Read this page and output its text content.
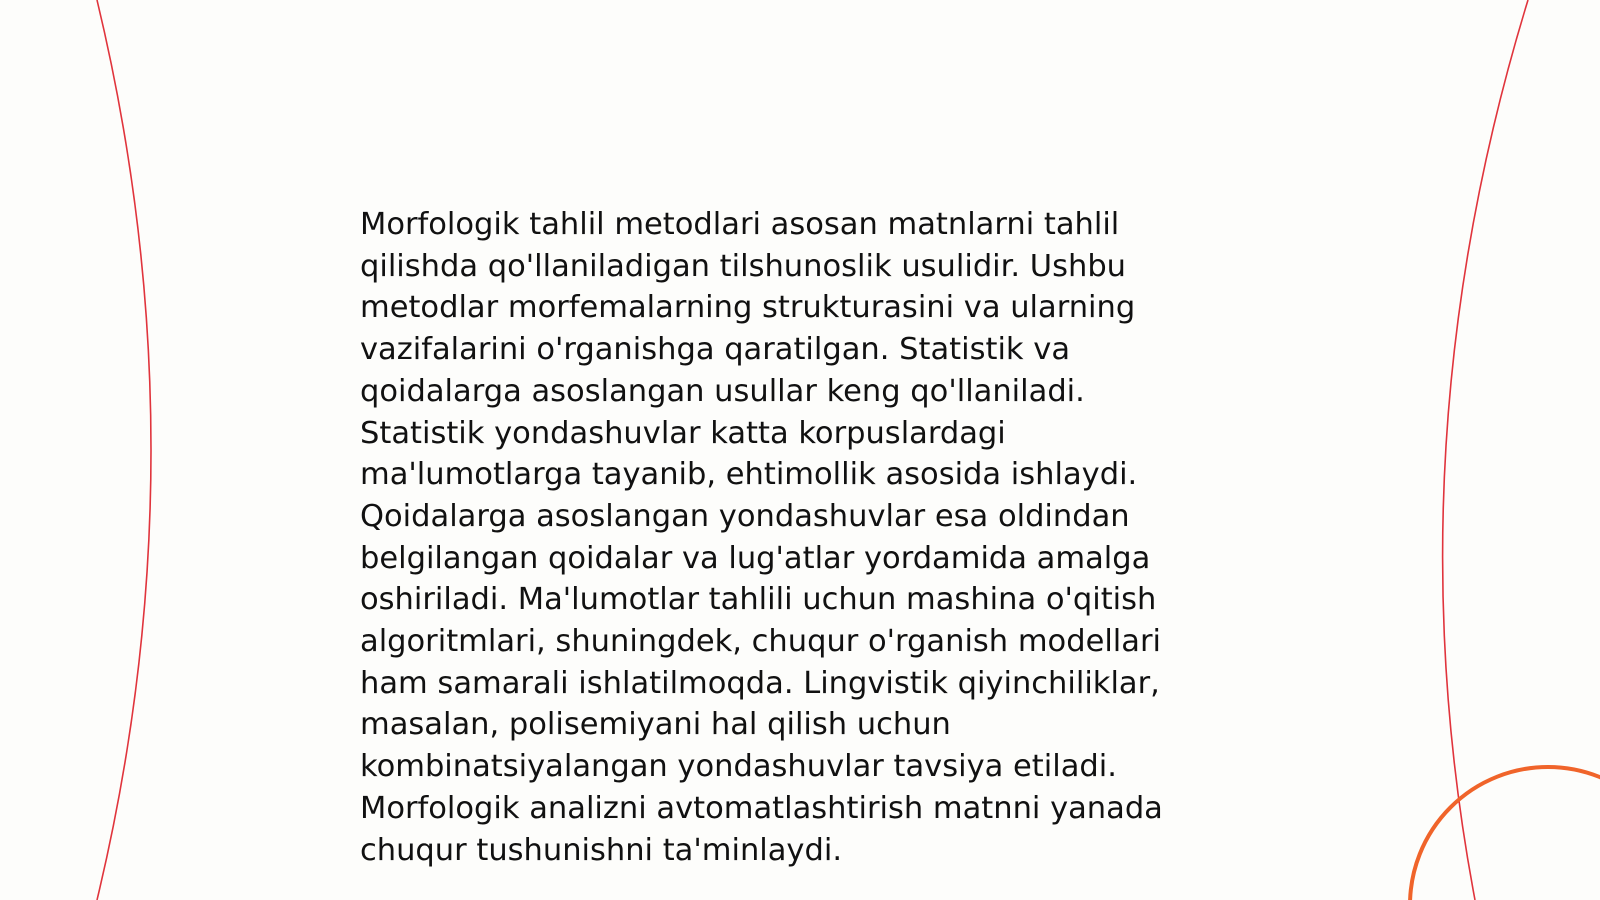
Morfologik tahlil metodlari asosan matnlarni tahlil
qilishda qo'llaniladigan tilshunoslik usulidir. Ushbu
metodlar morfemalarning strukturasini va ularning
vazifalarini o'rganishga qaratilgan. Statistik va
qoidalarga asoslangan usullar keng qo'llaniladi.
Statistik yondashuvlar katta korpuslardagi
ma'lumotlarga tayanib, ehtimollik asosida ishlaydi.
Qoidalarga asoslangan yondashuvlar esa oldindan
belgilangan qoidalar va lug'atlar yordamida amalga
oshiriladi. Ma'lumotlar tahlili uchun mashina o'qitish
algoritmlari, shuningdek, chuqur o'rganish modellari
ham samarali ishlatilmoqda. Lingvistik qiyinchiliklar,
masalan, polisemiyani hal qilish uchun
kombinatsiyalangan yondashuvlar tavsiya etiladi.
Morfologik analizni avtomatlashtirish matnni yanada
chuqur tushunishni ta'minlaydi.
